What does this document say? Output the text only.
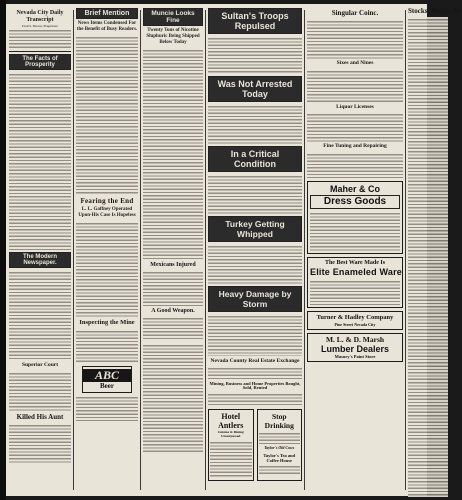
Nevada City Daily Transcript
Fred S. Brown, Proprietor
The Facts of Prosperity
The Modern Newspaper.
Superior Court
Killed His Aunt
Brief Mention
News Items Condensed For the Benefit of Busy Readers.
Fearing the End
L. L. Gaffney Operated Upon-His Case Is Hopeless
Inspecting the Mine
ABC
Beer
Muncie Looks Fine
Twenty Tons of Nicotine Sluphuric Being Shipped Below Today
Mexicans Injured
A Good Weapon.
Sultan's Troops Repulsed
Was Not Arrested Today
In a Critical Condition
Turkey Getting Whipped
Heavy Damage by Storm
Nevada County Real Estate Exchange
Mining, Business and Home Properties Bought, Sold, Rented
Hotel Antlers
Cuisine & Dining Unsurpassed
Stop Drinking
Taylor's Old Cows
Taylor's Tea and Coffee House
Singular Coinc.
Sixes and Nines
Liquor Licenses
Fine Tuning and Repairing
Maher & Co
Dress Goods
The Best Ware Made Is
Elite Enameled Ware
Turner & Hadley Company
Pine Street Nevada City
M. L. & D. Marsh
Lumber Dealers
Masury's Paint Store
Stocks, Bonds, &c
